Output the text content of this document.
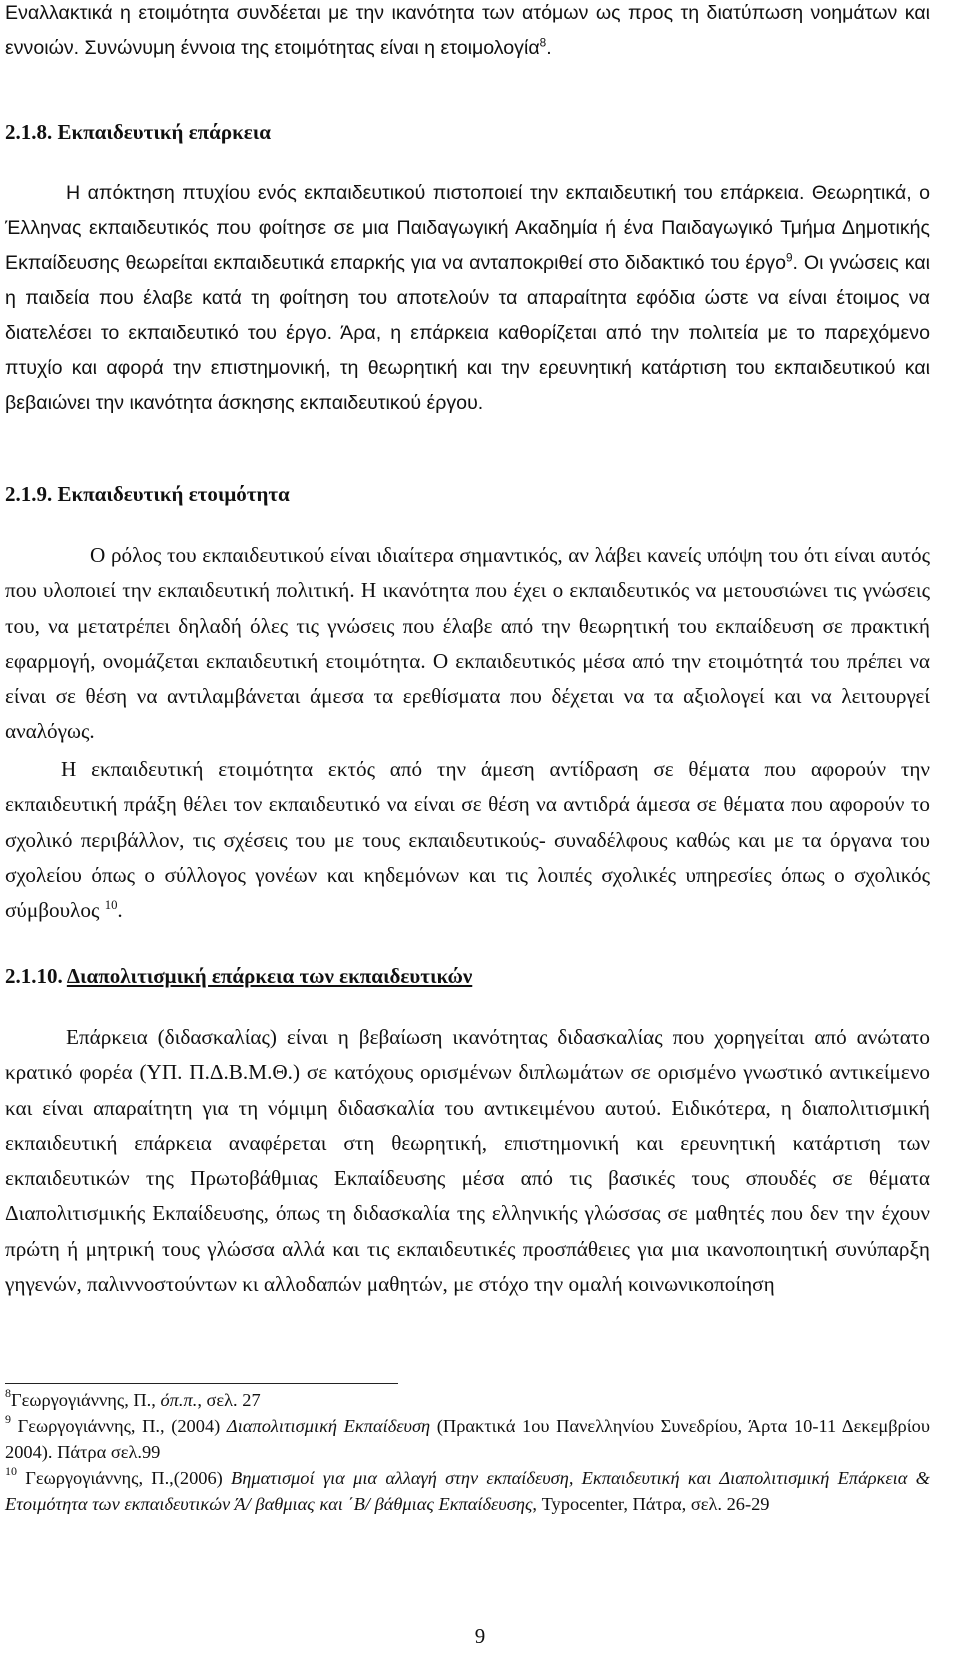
Εναλλακτικά η ετοιμότητα συνδέεται με την ικανότητα των ατόμων ως προς τη διατύπωση νοημάτων και εννοιών. Συνώνυμη έννοια της ετοιμότητας είναι η ετοιμολογία$^8$.

2.1.8. Εκπαιδευτική επάρκεια

Η απόκτηση πτυχίου ενός εκπαιδευτικού πιστοποιεί την εκπαιδευτική του επάρκεια. Θεωρητικά, ο Έλληνας εκπαιδευτικός που φοίτησε σε μια Παιδαγωγική Ακαδημία ή ένα Παιδαγωγικό Τμήμα Δημοτικής Εκπαίδευσης θεωρείται εκπαιδευτικά επαρκής για να ανταποκριθεί στο διδακτικό του έργο$^9$. Οι γνώσεις και η παιδεία που έλαβε κατά τη φοίτηση του αποτελούν τα απαραίτητα εφόδια ώστε να είναι έτοιμος να διατελέσει το εκπαιδευτικό του έργο. Άρα, η επάρκεια καθορίζεται από την πολιτεία με το παρεχόμενο πτυχίο και αφορά την επιστημονική, τη θεωρητική και την ερευνητική κατάρτιση του εκπαιδευτικού και βεβαιώνει την ικανότητα άσκησης εκπαιδευτικού έργου.

2.1.9. Εκπαιδευτική ετοιμότητα

Ο ρόλος του εκπαιδευτικού είναι ιδιαίτερα σημαντικός, αν λάβει κανείς υπόψη του ότι είναι αυτός που υλοποιεί την εκπαιδευτική πολιτική. Η ικανότητα που έχει ο εκπαιδευτικός να μετουσιώνει τις γνώσεις του, να μετατρέπει δηλαδή όλες τις γνώσεις που έλαβε από την θεωρητική του εκπαίδευση σε πρακτική εφαρμογή, ονομάζεται εκπαιδευτική ετοιμότητα. Ο εκπαιδευτικός μέσα από την ετοιμότητά του πρέπει να είναι σε θέση να αντιλαμβάνεται άμεσα τα ερεθίσματα που δέχεται να τα αξιολογεί και να λειτουργεί αναλόγως.

Η εκπαιδευτική ετοιμότητα εκτός από την άμεση αντίδραση σε θέματα που αφορούν την εκπαιδευτική πράξη θέλει τον εκπαιδευτικό να είναι σε θέση να αντιδρά άμεσα σε θέματα που αφορούν το σχολικό περιβάλλον, τις σχέσεις του με τους εκπαιδευτικούς- συναδέλφους καθώς και με τα όργανα του σχολείου όπως ο σύλλογος γονέων και κηδεμόνων και τις λοιπές σχολικές υπηρεσίες όπως ο σχολικός σύμβουλος $^{10}$.

2.1.10. Διαπολιτισμική επάρκεια των εκπαιδευτικών

Επάρκεια (διδασκαλίας) είναι η βεβαίωση ικανότητας διδασκαλίας που χορηγείται από ανώτατο κρατικό φορέα (ΥΠ. Π.Δ.Β.Μ.Θ.) σε κατόχους ορισμένων διπλωμάτων σε ορισμένο γνωστικό αντικείμενο και είναι απαραίτητη για τη νόμιμη διδασκαλία του αντικειμένου αυτού. Ειδικότερα, η διαπολιτισμική εκπαιδευτική επάρκεια αναφέρεται στη θεωρητική, επιστημονική και ερευνητική κατάρτιση των εκπαιδευτικών της Πρωτοβάθμιας Εκπαίδευσης μέσα από τις βασικές τους σπουδές σε θέματα Διαπολιτισμικής Εκπαίδευσης, όπως τη διδασκαλία της ελληνικής γλώσσας σε μαθητές που δεν την έχουν πρώτη ή μητρική τους γλώσσα αλλά και τις εκπαιδευτικές προσπάθειες για μια ικανοποιητική συνύπαρξη γηγενών, παλιννοστούντων κι αλλοδαπών μαθητών, με στόχο την ομαλή κοινωνικοποίηση

$^8$Γεωργογιάννης, Π., όπ.π., σελ. 27

$^9$ Γεωργογιάννης, Π., (2004) Διαπολιτισμική Εκπαίδευση (Πρακτικά 1ου Πανελληνίου Συνεδρίου, Άρτα 10-11 Δεκεμβρίου 2004). Πάτρα σελ.99

$^{10}$ Γεωργογιάννης, Π.,(2006) Βηματισμοί για μια αλλαγή στην εκπαίδευση, Εκπαιδευτική και Διαπολιτισμική Επάρκεια & Ετοιμότητα των εκπαιδευτικών Ά/ βαθμιας και ΄Β/ βάθμιας Εκπαίδευσης, Typocenter, Πάτρα, σελ. 26-29

9
